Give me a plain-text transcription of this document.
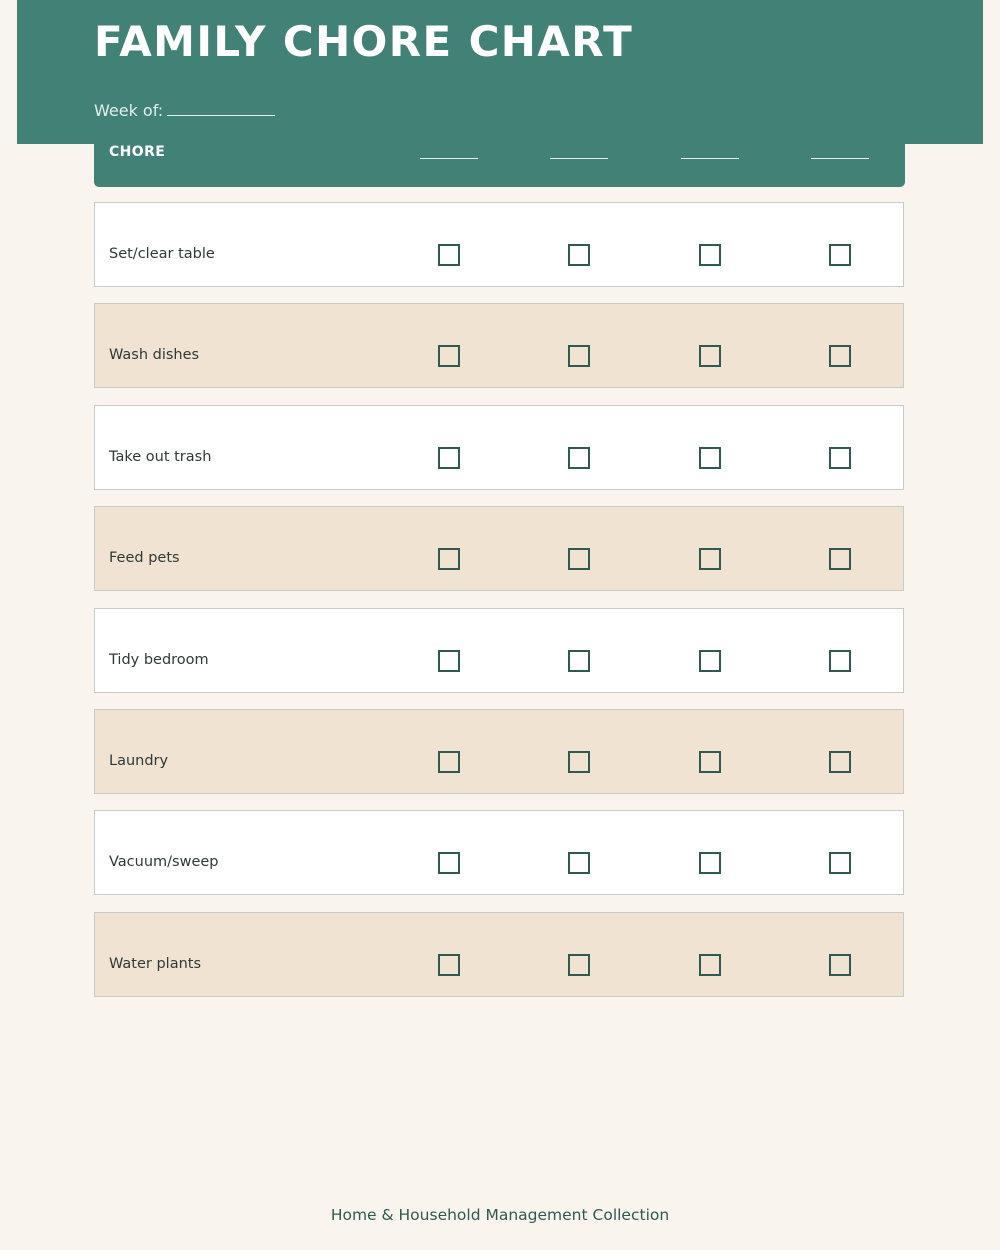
FAMILY CHORE CHART
Week of:
CHORE
Set/clear table
Wash dishes
Take out trash
Feed pets
Tidy bedroom
Laundry
Vacuum/sweep
Water plants
Home & Household Management Collection
